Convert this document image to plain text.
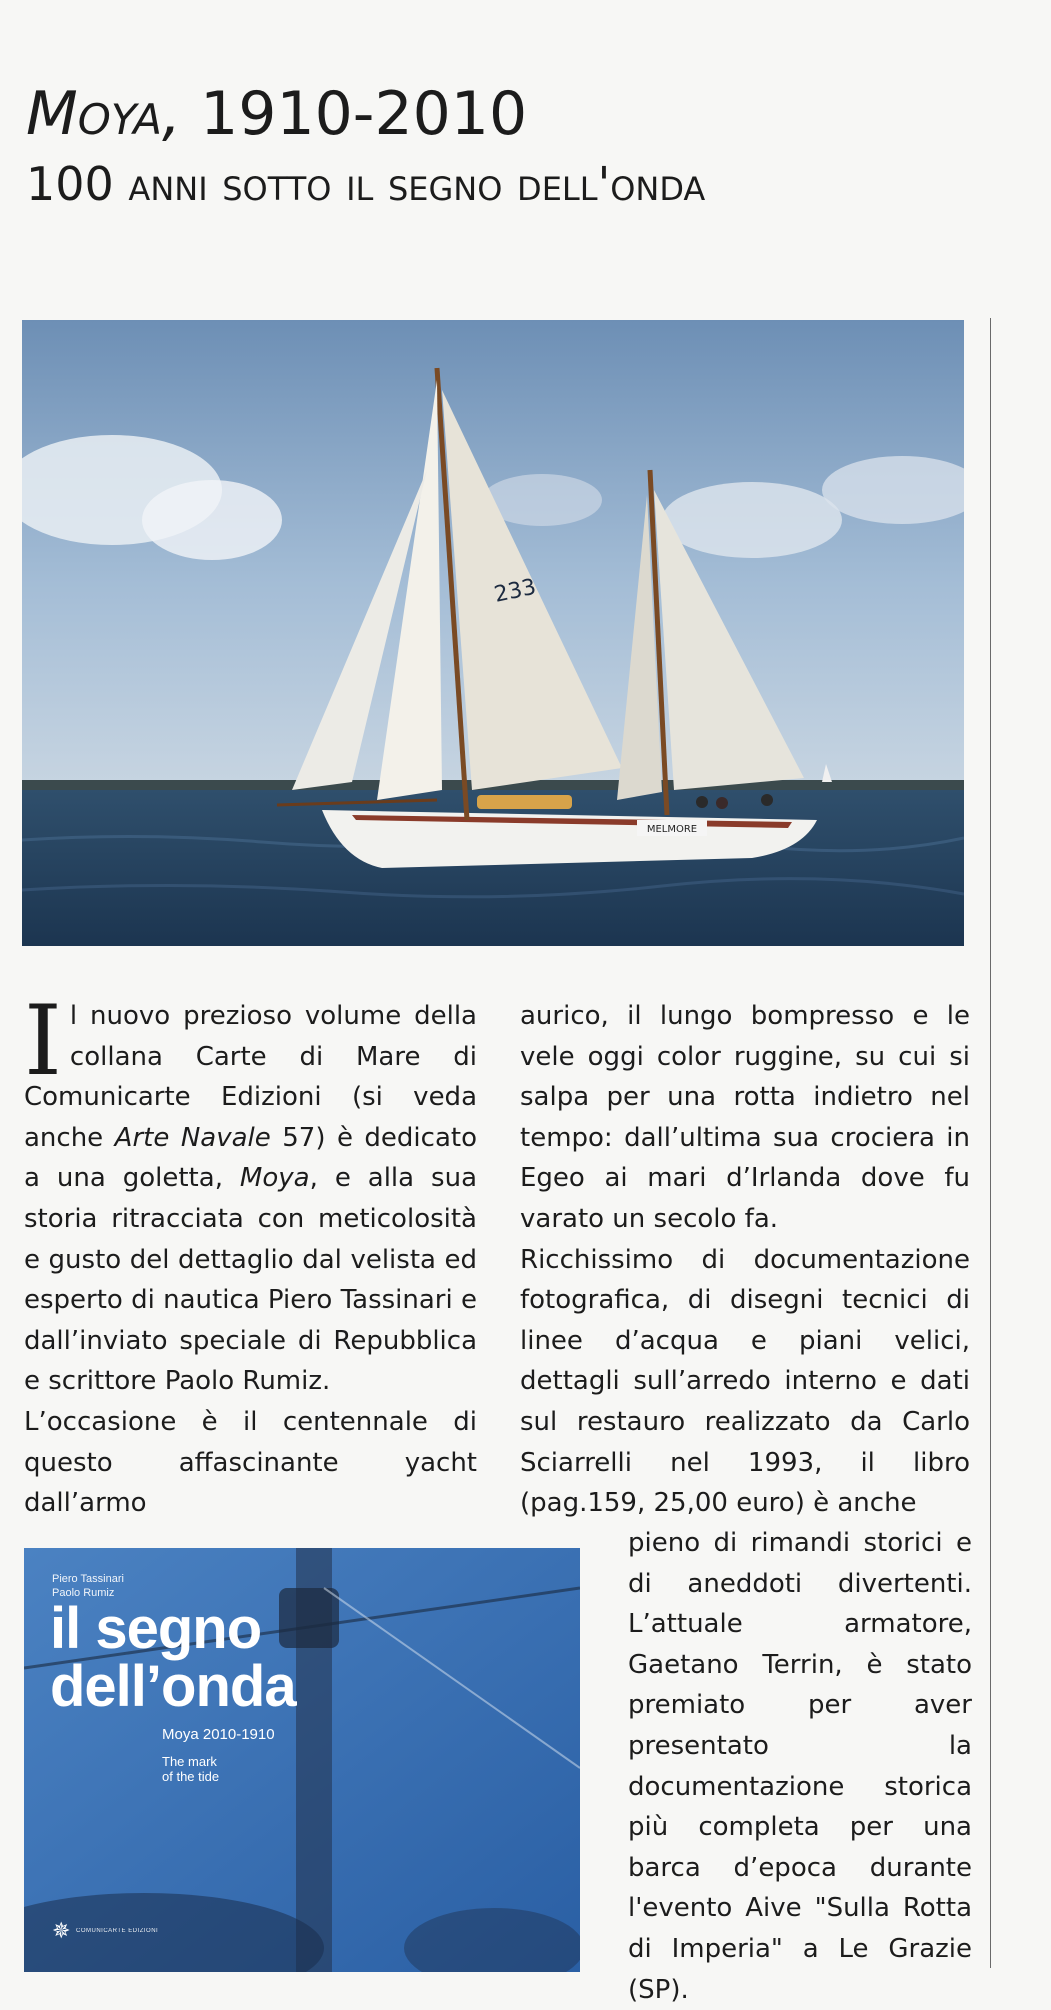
Moya, 1910-2010
100 anni sotto il segno dell'onda
MELMORE
233

Il nuovo prezioso volume della collana Carte di Mare di Comunicarte Edizioni (si veda anche Arte Navale 57) è dedicato a una goletta, Moya, e alla sua storia ritracciata con meticolosità e gusto del dettaglio dal velista ed esperto di nautica Piero Tassinari e dall’inviato speciale di Repubblica e scrittore Paolo Rumiz.

L’occasione è il centennale di questo affascinante yacht dall’armo

aurico, il lungo bompresso e le vele oggi color ruggine, su cui si salpa per una rotta indietro nel tempo: dall’ultima sua crociera in Egeo ai mari d’Irlanda dove fu varato un secolo fa.

Ricchissimo di documentazione fotografica, di disegni tecnici di linee d’acqua e piani velici, dettagli sull’arredo interno e dati sul restauro realizzato da Carlo Sciarrelli nel 1993, il libro (pag.159, 25,00 euro) è anche

pieno di rimandi storici e di aneddoti divertenti. L’attuale armatore, Gaetano Terrin, è stato premiato per aver presentato la documentazione storica più completa per una barca d’epoca durante l'evento Aive "Sulla Rotta di Imperia" a Le Grazie (SP).

Piero Tassinari
Paolo Rumiz
il segno
dell’onda
Moya 2010-1910
The mark
of the tide
✵ COMUNICARTE EDIZIONI
